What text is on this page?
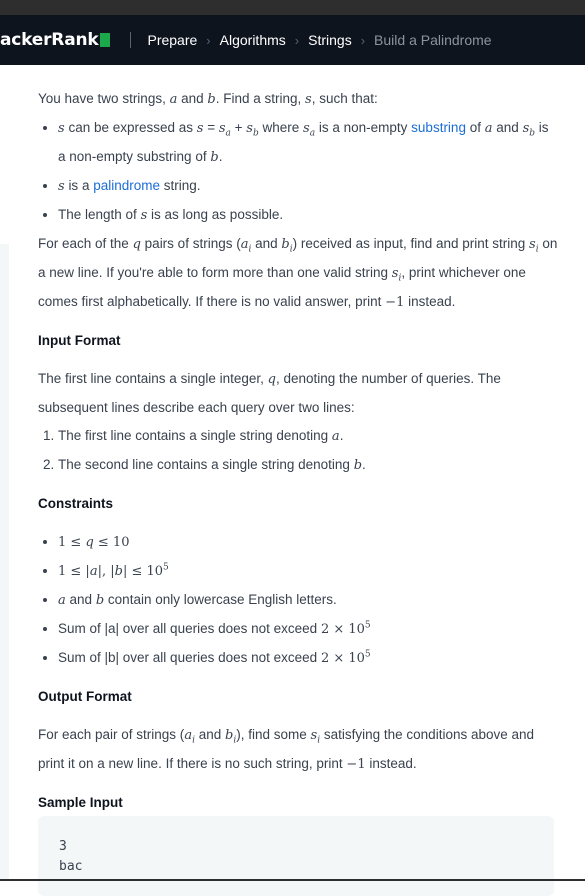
ackerRank	Prepare › Algorithms › Strings › Build a Palindrome

You have two strings, a and b. Find a string, s, such that:

• s can be expressed as $s = s_a + s_b$ where $s_a$ is a non-empty substring of a and $s_b$ is a non-empty substring of b.
• s is a palindrome string.
• The length of s is as long as possible.

For each of the q pairs of strings ($a_i$ and $b_i$) received as input, find and print string $s_i$ on a new line. If you're able to form more than one valid string $s_i$, print whichever one comes first alphabetically. If there is no valid answer, print −1 instead.

Input Format

The first line contains a single integer, q, denoting the number of queries. The subsequent lines describe each query over two lines:

1. The first line contains a single string denoting a.
2. The second line contains a single string denoting b.

Constraints

• 1 ≤ q ≤ 10
• 1 ≤ |a|, $|b| \le 10^5$
• a and b contain only lowercase English letters.
• Sum of |a| over all queries does not exceed $2 \times 10^5$
• Sum of |b| over all queries does not exceed $2 \times 10^5$

Output Format

For each pair of strings ($a_i$ and $b_i$), find some $s_i$ satisfying the conditions above and print it on a new line. If there is no such string, print −1 instead.

Sample Input

3
bac
